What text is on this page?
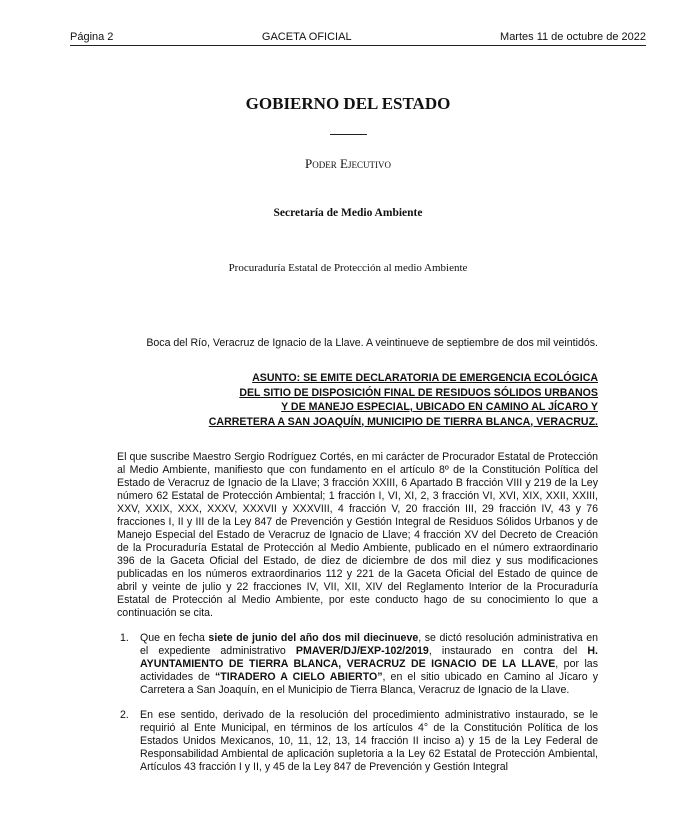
Página 2	GACETA OFICIAL	Martes 11 de octubre de 2022
GOBIERNO DEL ESTADO
Poder Ejecutivo
Secretaría de Medio Ambiente
Procuraduría Estatal de Protección al medio Ambiente
Boca del Río, Veracruz de Ignacio de la Llave. A veintinueve de septiembre de dos mil veintidós.
ASUNTO: SE EMITE DECLARATORIA DE EMERGENCIA ECOLÓGICA
DEL SITIO DE DISPOSICIÓN FINAL DE RESIDUOS SÓLIDOS URBANOS
Y DE MANEJO ESPECIAL, UBICADO EN CAMINO AL JÍCARO Y
CARRETERA A SAN JOAQUÍN, MUNICIPIO DE TIERRA BLANCA, VERACRUZ.
El que suscribe Maestro Sergio Rodríguez Cortés, en mi carácter de Procurador Estatal de Protección al Medio Ambiente, manifiesto que con fundamento en el artículo 8º de la Constitución Política del Estado de Veracruz de Ignacio de la Llave; 3 fracción XXIII, 6 Apartado B fracción VIII y 219 de la Ley número 62 Estatal de Protección Ambiental; 1 fracción I, VI, XI, 2, 3 fracción VI, XVI, XIX, XXII, XXIII, XXV, XXIX, XXX, XXXV, XXXVII y XXXVIII, 4 fracción V, 20 fracción III, 29 fracción IV, 43 y 76 fracciones I, II y III de la Ley 847 de Prevención y Gestión Integral de Residuos Sólidos Urbanos y de Manejo Especial del Estado de Veracruz de Ignacio de Llave; 4 fracción XV del Decreto de Creación de la Procuraduría Estatal de Protección al Medio Ambiente, publicado en el número extraordinario 396 de la Gaceta Oficial del Estado, de diez de diciembre de dos mil diez y sus modificaciones publicadas en los números extraordinarios 112 y 221 de la Gaceta Oficial del Estado de quince de abril y veinte de julio y 22 fracciones IV, VII, XII, XIV del Reglamento Interior de la Procuraduría Estatal de Protección al Medio Ambiente, por este conducto hago de su conocimiento lo que a continuación se cita.
1. Que en fecha siete de junio del año dos mil diecinueve, se dictó resolución administrativa en el expediente administrativo PMAVER/DJ/EXP-102/2019, instaurado en contra del H. AYUNTAMIENTO DE TIERRA BLANCA, VERACRUZ DE IGNACIO DE LA LLAVE, por las actividades de “TIRADERO A CIELO ABIERTO”, en el sitio ubicado en Camino al Jícaro y Carretera a San Joaquín, en el Municipio de Tierra Blanca, Veracruz de Ignacio de la Llave.
2. En ese sentido, derivado de la resolución del procedimiento administrativo instaurado, se le requirió al Ente Municipal, en términos de los artículos 4° de la Constitución Política de los Estados Unidos Mexicanos, 10, 11, 12, 13, 14 fracción II inciso a) y 15 de la Ley Federal de Responsabilidad Ambiental de aplicación supletoria a la Ley 62 Estatal de Protección Ambiental, Artículos 43 fracción I y II, y 45 de la Ley 847 de Prevención y Gestión Integral
